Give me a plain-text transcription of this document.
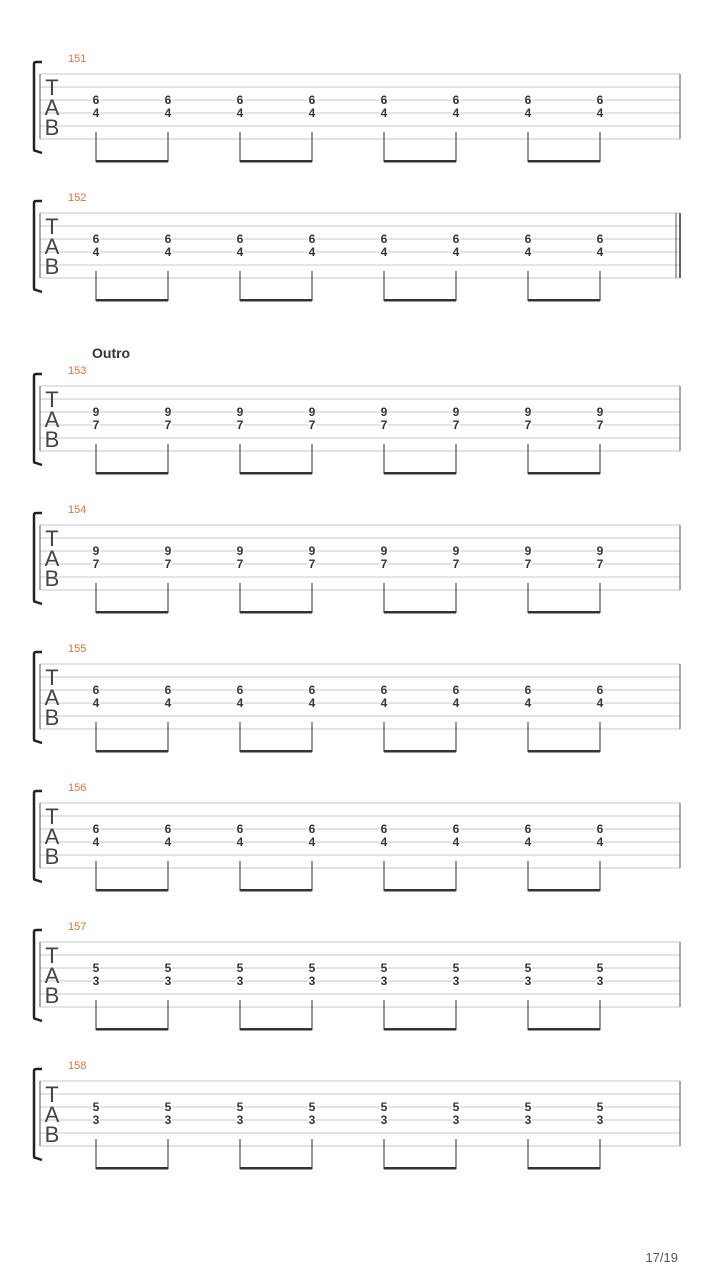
151
T
A
B
6
4
6
4
6
4
6
4
6
4
6
4
6
4
6
4
152
T
A
B
6
4
6
4
6
4
6
4
6
4
6
4
6
4
6
4
Outro
153
T
A
B
9
7
9
7
9
7
9
7
9
7
9
7
9
7
9
7
154
T
A
B
9
7
9
7
9
7
9
7
9
7
9
7
9
7
9
7
155
T
A
B
6
4
6
4
6
4
6
4
6
4
6
4
6
4
6
4
156
T
A
B
6
4
6
4
6
4
6
4
6
4
6
4
6
4
6
4
157
T
A
B
5
3
5
3
5
3
5
3
5
3
5
3
5
3
5
3
158
T
A
B
5
3
5
3
5
3
5
3
5
3
5
3
5
3
5
3
17/19
